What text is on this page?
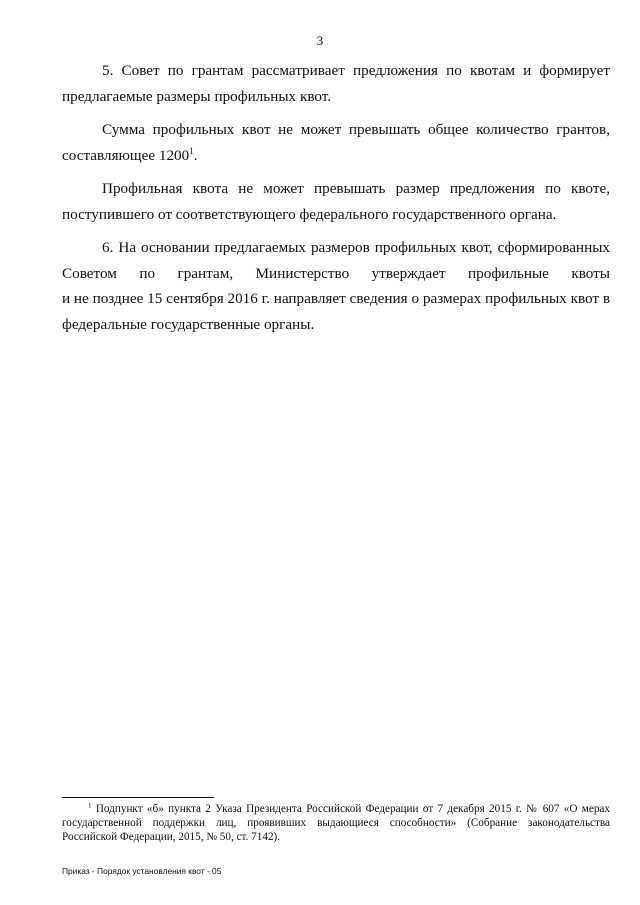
3

5. Совет по грантам рассматривает предложения по квотам и формирует предлагаемые размеры профильных квот.

Сумма профильных квот не может превышать общее количество грантов, составляющее 1200$^1$.

Профильная квота не может превышать размер предложения по квоте, поступившего от соответствующего федерального государственного органа.

6. На основании предлагаемых размеров профильных квот, сформированных Советом по грантам, Министерство утверждает профильные квоты

и не позднее 15 сентября 2016 г. направляет сведения о размерах профильных квот в федеральные государственные органы.

$^1$ Подпункт «б» пункта 2 Указа Президента Российской Федерации от 7 декабря 2015 г. № 607 «О мерах государственной поддержки лиц, проявивших выдающиеся способности» (Собрание законодательства Российской Федерации, 2015, № 50, ст. 7142).
Приказ - Порядок установления квот - 05
